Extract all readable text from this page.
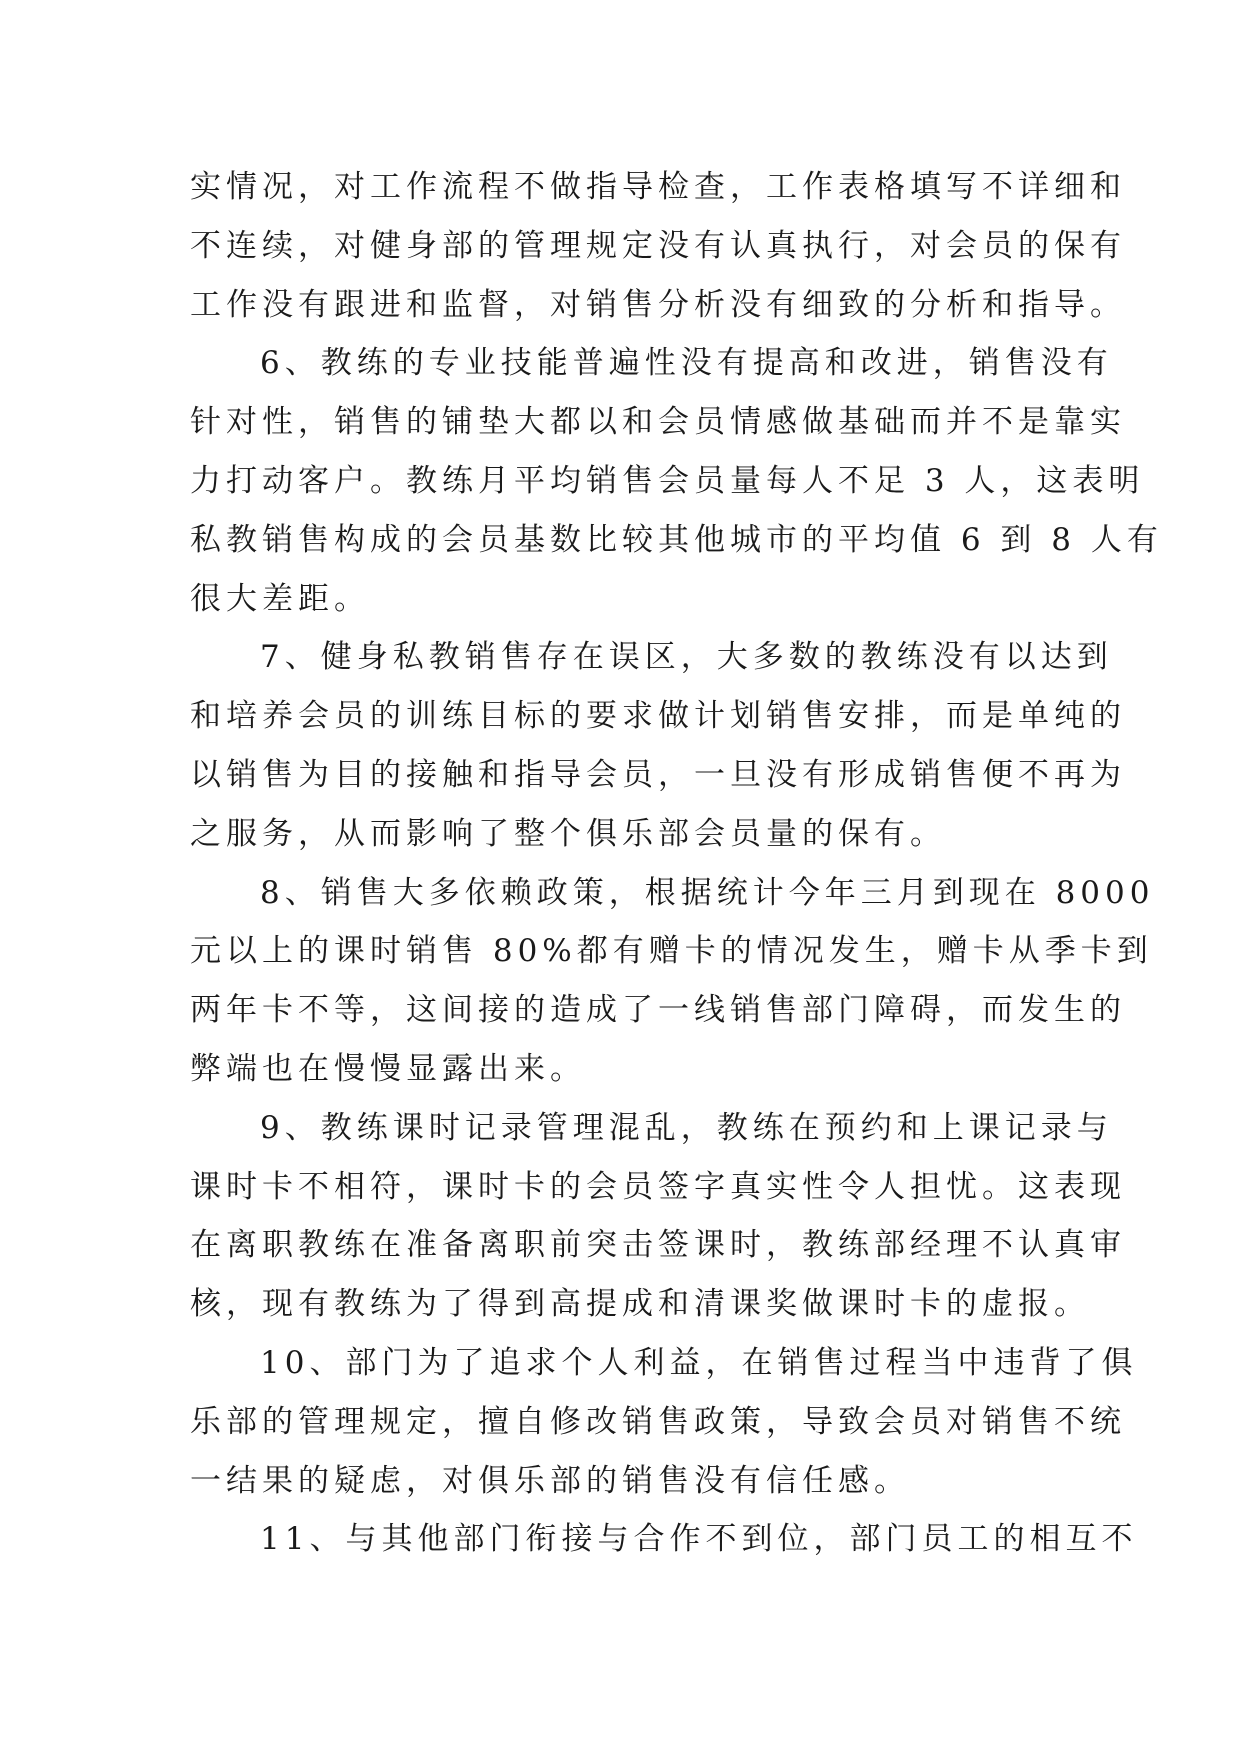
实情况，对工作流程不做指导检查，工作表格填写不详细和
不连续，对健身部的管理规定没有认真执行，对会员的保有
工作没有跟进和监督，对销售分析没有细致的分析和指导。
6、教练的专业技能普遍性没有提高和改进，销售没有
针对性，销售的铺垫大都以和会员情感做基础而并不是靠实
力打动客户。教练月平均销售会员量每人不足 3 人，这表明
私教销售构成的会员基数比较其他城市的平均值 6 到 8 人有
很大差距。
7、健身私教销售存在误区，大多数的教练没有以达到
和培养会员的训练目标的要求做计划销售安排，而是单纯的
以销售为目的接触和指导会员，一旦没有形成销售便不再为
之服务，从而影响了整个俱乐部会员量的保有。
8、销售大多依赖政策，根据统计今年三月到现在 8000
元以上的课时销售 80%都有赠卡的情况发生，赠卡从季卡到
两年卡不等，这间接的造成了一线销售部门障碍，而发生的
弊端也在慢慢显露出来。
9、教练课时记录管理混乱，教练在预约和上课记录与
课时卡不相符，课时卡的会员签字真实性令人担忧。这表现
在离职教练在准备离职前突击签课时，教练部经理不认真审
核，现有教练为了得到高提成和清课奖做课时卡的虚报。
10、部门为了追求个人利益，在销售过程当中违背了俱
乐部的管理规定，擅自修改销售政策，导致会员对销售不统
一结果的疑虑，对俱乐部的销售没有信任感。
11、与其他部门衔接与合作不到位，部门员工的相互不
